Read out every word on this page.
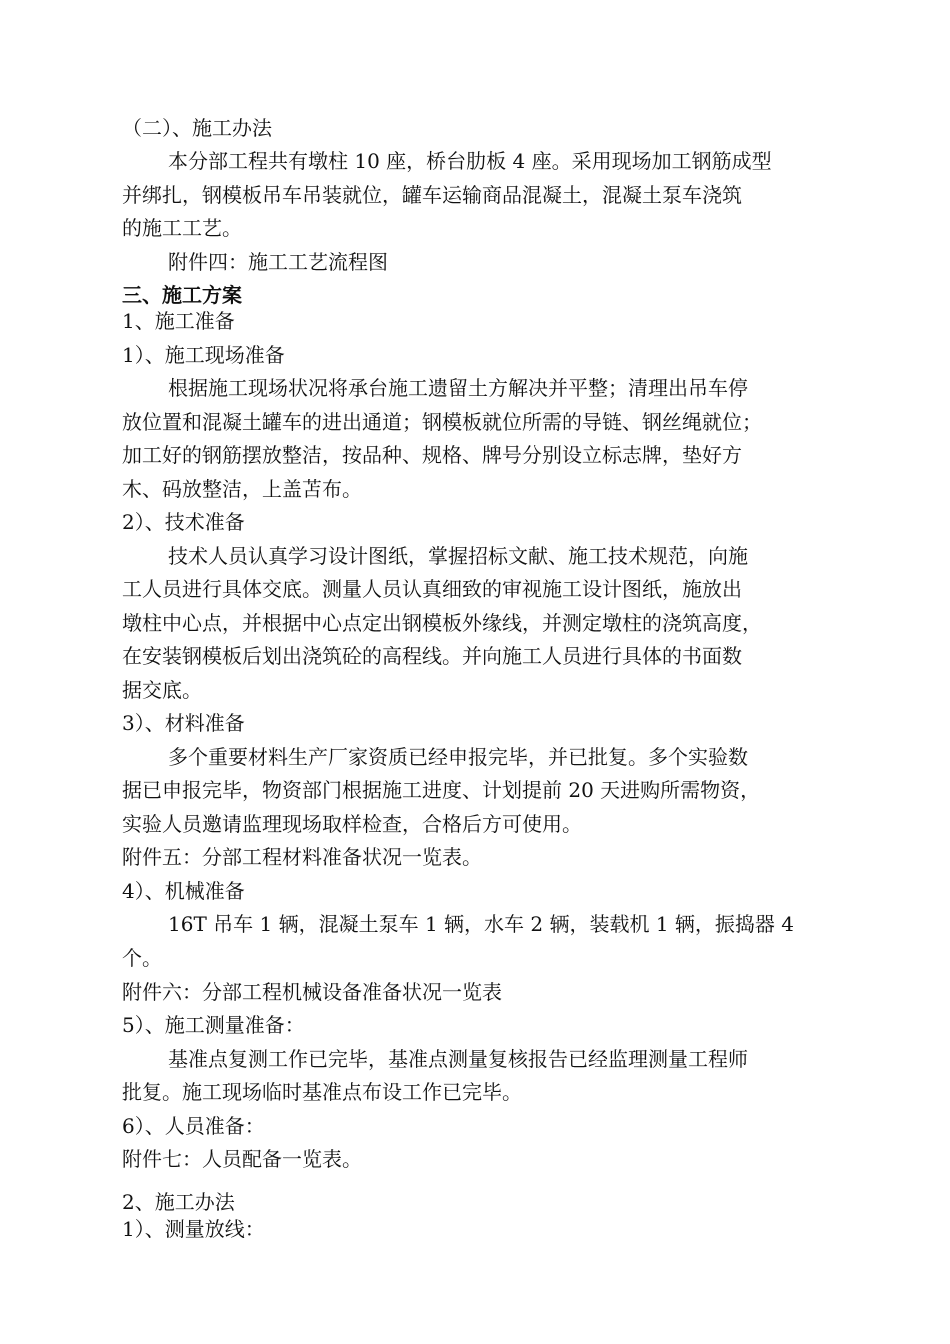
（二）、施工办法
本分部工程共有墩柱 10 座，桥台肋板 4 座。采用现场加工钢筋成型
并绑扎，钢模板吊车吊装就位，罐车运输商品混凝土，混凝土泵车浇筑
的施工工艺。
附件四：施工工艺流程图
三、施工方案
1、施工准备
1）、施工现场准备
根据施工现场状况将承台施工遗留土方解决并平整；清理出吊车停
放位置和混凝土罐车的进出通道；钢模板就位所需的导链、钢丝绳就位；
加工好的钢筋摆放整洁，按品种、规格、牌号分别设立标志牌，垫好方
木、码放整洁，上盖苫布。
2）、技术准备
技术人员认真学习设计图纸，掌握招标文献、施工技术规范，向施
工人员进行具体交底。测量人员认真细致的审视施工设计图纸，施放出
墩柱中心点，并根据中心点定出钢模板外缘线，并测定墩柱的浇筑高度，
在安装钢模板后划出浇筑砼的高程线。并向施工人员进行具体的书面数
据交底。
3）、材料准备
多个重要材料生产厂家资质已经申报完毕，并已批复。多个实验数
据已申报完毕，物资部门根据施工进度、计划提前 20 天进购所需物资，
实验人员邀请监理现场取样检查，合格后方可使用。
附件五：分部工程材料准备状况一览表。
4）、机械准备
16T 吊车 1 辆，混凝土泵车 1 辆，水车 2 辆，装载机 1 辆，振捣器 4
个。
附件六：分部工程机械设备准备状况一览表
5）、施工测量准备：
基准点复测工作已完毕，基准点测量复核报告已经监理测量工程师
批复。施工现场临时基准点布设工作已完毕。
6）、人员准备：
附件七：人员配备一览表。
2、施工办法
1）、测量放线：
